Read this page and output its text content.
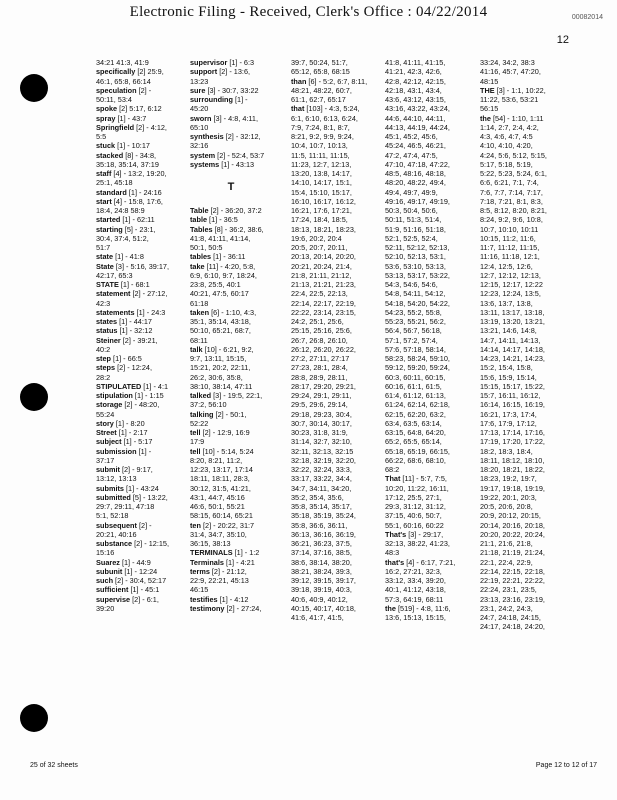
Electronic Filing - Received, Clerk's Office : 04/22/2014	00082014
12
34:21 41:3, 41:9
specifically [2] 25:9,
46:1, 65:8, 66:14
speculation [2] -
50:11, 53:4
spoke [2] 5:17, 6:12
spray [1] - 43:7
Springfield [2] - 4:12,
5:5
stuck [1] - 10:17
stacked [8] - 34:8,
35:18, 35:14, 37:19
staff [4] - 13:2, 19:20,
25:1, 45:18
standard [1] - 24:16
start [4] - 15:8, 17:6,
18:4, 24:8 58:9
started [1] - 62:11
starting [5] - 23:1,
30:4, 37:4, 51:2,
51:7
state [1] - 41:8
State [3] - 5:16, 39:17,
42:17, 65:3
STATE [1] - 68:1
statement [2] - 27:12,
42:3
statements [1] - 24:3
states [1] - 44:17
status [1] - 32:12
Steiner [2] - 39:21,
40:2
step [1] - 66:5
steps [2] - 12:24,
28:2
STIPULATED [1] - 4:1
stipulation [1] - 1:15
storage [2] - 48:20,
55:24
story [1] - 8:20
Street [1] - 2:17
subject [1] - 5:17
submission [1] -
37:17
submit [2] - 9:17,
13:12, 13:13
submits [1] - 43:24
submitted [5] - 13:22,
29:7, 29:11, 47:18
5:1, 52:18
subsequent [2] -
20:21, 40:16
substance [2] - 12:15,
15:16
Suarez [1] - 44:9
subunit [1] - 12:24
such [2] - 30:4, 52:17
sufficient [1] - 45:1
supervise [2] - 6:1,
39:20
supervisor [1] - 6:3
support [2] - 13:6,
13:23
sure [3] - 30:7, 33:22
surrounding [1] -
45:20
sworn [3] - 4:8, 4:11,
65:10
synthesis [2] - 32:12,
32:16
system [2] - 52:4, 53:7
systems [1] - 43:13
T
Table [2] - 36:20, 37:2
table [1] - 36:5
Tables [8] - 36:2, 38:6,
41:8, 41:11, 41:14,
50:1, 50:5
tables [1] - 36:11
take [11] - 4:20, 5:8,
6:9, 6:10, 9:7, 18:24,
23:8, 25:5, 40:1
40:21, 47:5, 60:17
61:18
taken [6] - 1:10, 4:3,
35:1, 35:14, 43:18,
50:10, 65:21, 68:7,
68:11
talk [10] - 6:21, 9:2,
9:7, 13:11, 15:15,
15:21, 20:2, 22:11,
26:2, 30:6, 35:8,
38:10, 38:14, 47:11
talked [3] - 19:5, 22:1,
37:2, 56:10
talking [2] - 50:1,
52:22
tell [2] - 12:9, 16:9
17:9
tell [10] - 5:14, 5:24
8:20, 8:21, 11:2,
12:23, 13:17, 17:14
18:11, 18:11, 28:3,
30:12, 31:5, 41:21,
43:1, 44:7, 45:16
46:6, 50:1, 55:21
58:15, 60:14, 65:21
ten [2] - 20:22, 31:7
31:4, 34:7, 35:10,
36:15, 38:13
TERMINALS [1] - 1:2
Terminals [1] - 4:21
terms [2] - 21:12,
22:9, 22:21, 45:13
46:15
testifies [1] - 4:12
testimony [2] - 27:24,
39:7, 50:24, 51:7,
65:12, 65:8, 68:15
than [6] - 5:2, 6:7, 8:11,
48:21, 48:22, 60:7,
61:1, 62:7, 65:17
that [103] - 4:3, 5:24,
6:1, 6:10, 6:13, 6:24,
7:9, 7:24, 8:1, 8:7,
8:21, 9:2, 9:9, 9:24,
10:4, 10:7, 10:13,
11:5, 11:11, 11:15,
11:23, 12:7, 12:13,
13:20, 13:8, 14:17,
14:10, 14:17, 15:1,
15:4, 15:10, 15:17,
16:10, 16:17, 16:12,
16:21, 17:6, 17:21,
17:24, 18:4, 18:5,
18:13, 18:21, 18:23,
19:6, 20:2, 20:4
20:5, 20:7, 20:11,
20:13, 20:14, 20:20,
20:21, 20:24, 21:4,
21:8, 21:11, 21:12,
21:13, 21:21, 21:23,
22:4, 22:5, 22:13,
22:14, 22:17, 22:19,
22:22, 23:14, 23:15,
24:2, 25:1, 25:6,
25:15, 25:16, 25:6,
26:7, 26:8, 26:10,
26:12, 26:20, 26:22,
27:2, 27:11, 27:17
27:23, 28:1, 28:4,
28:8, 28:9, 28:11,
28:17, 29:20, 29:21,
29:24, 29:1, 29:11,
29:5, 29:6, 29:14,
29:18, 29:23, 30:4,
30:7, 30:14, 30:17,
30:23, 31:8, 31:9,
31:14, 32:7, 32:10,
32:11, 32:13, 32:15
32:18, 32:19, 32:20,
32:22, 32:24, 33:3,
33:17, 33:22, 34:4,
34:7, 34:11, 34:20,
35:2, 35:4, 35:6,
35:8, 35:14, 35:17,
35:18, 35:19, 35:24,
35:8, 36:6, 36:11,
36:13, 36:16, 36:19,
36:21, 36:23, 37:5,
37:14, 37:16, 38:5,
38:6, 38:14, 38:20,
38:21, 38:24, 39:3,
39:12, 39:15, 39:17,
39:18, 39:19, 40:3,
40:6, 40:9, 40:12,
40:15, 40:17, 40:18,
41:6, 41:7, 41:5,
41:8, 41:11, 41:15,
41:21, 42:3, 42:6,
42:8, 42:12, 42:15,
42:18, 43:1, 43:4,
43:6, 43:12, 43:15,
43:16, 43:22, 43:24,
44:6, 44:10, 44:11,
44:13, 44:19, 44:24,
45:1, 45:2, 45:6,
45:24, 46:5, 46:21,
47:2, 47:4, 47:5,
47:10, 47:18, 47:22,
48:5, 48:16, 48:18,
48:20, 48:22, 49:4,
49:4, 49:7, 49:9,
49:16, 49:17, 49:19,
50:3, 50:4, 50:6,
50:11, 51:3, 51:4,
51:9, 51:16, 51:18,
52:1, 52:5, 52:4,
52:11, 52:12, 52:13,
52:10, 52:13, 53:1,
53:6, 53:10, 53:13,
53:13, 53:17, 53:22,
54:3, 54:6, 54:6,
54:8, 54:11, 54:12,
54:18, 54:20, 54:22,
54:23, 55:2, 55:8,
55:23, 55:21, 56:2,
56:4, 56:7, 56:18,
57:1, 57:2, 57:4,
57:6, 57:18, 58:14,
58:23, 58:24, 59:10,
59:12, 59:20, 59:24,
60:3, 60:11, 60:15,
60:16, 61:1, 61:5,
61:4, 61:12, 61:13,
61:24, 62:14, 62:18,
62:15, 62:20, 63:2,
63:4, 63:5, 63:14,
63:15, 64:8, 64:20,
65:2, 65:5, 65:14,
65:18, 65:19, 66:15,
66:22, 68:6, 68:10,
68:2
That [11] - 5:7, 7:5,
10:20, 11:22, 16:11,
17:12, 25:5, 27:1,
29:3, 31:12, 31:12,
37:15, 40:6, 50:7,
55:1, 60:16, 60:22
That's [3] - 29:17,
32:13, 38:22, 41:23,
48:3
that's [4] - 6:17, 7:21,
16:2, 27:21, 32:3,
33:12, 33:4, 39:20,
40:1, 41:12, 43:18,
57:3, 64:19, 68:11
the [519] - 4:8, 11:6,
13:6, 15:13, 15:15,
33:24, 34:2, 38:3
41:16, 45:7, 47:20,
48:15
THE [3] - 1:1, 10:22,
11:22, 53:6, 53:21
56:15
the [54] - 1:10, 1:11
1:14, 2:7, 2:4, 4:2,
4:3, 4:6, 4:7, 4:5
4:10, 4:10, 4:20,
4:24, 5:6, 5:12, 5:15,
5:17, 5:18, 5:19,
5:22, 5:23, 5:24, 6:1,
6:6, 6:21, 7:1, 7:4,
7:6, 7:7, 7:14, 7:17,
7:18, 7:21, 8:1, 8:3,
8:5, 8:12, 8:20, 8:21,
8:24, 9:2, 9:6, 10:8,
10:7, 10:10, 10:11
10:15, 11:2, 11:6,
11:7, 11:12, 11:15,
11:16, 11:18, 12:1,
12:4, 12:5, 12:6,
12:7, 12:12, 12:13,
12:15, 12:17, 12:22
12:23, 12:24, 13:5,
13:6, 13:7, 13:8,
13:11, 13:17, 13:18,
13:19, 13:20, 13:21,
13:21, 14:6, 14:8,
14:7, 14:11, 14:13,
14:14, 14:17, 14:18,
14:23, 14:21, 14:23,
15:2, 15:4, 15:8,
15:6, 15:9, 15:14,
15:15, 15:17, 15:22,
15:7, 16:11, 16:12,
16:14, 16:15, 16:19,
16:21, 17:3, 17:4,
17:6, 17:9, 17:12,
17:13, 17:14, 17:16,
17:19, 17:20, 17:22,
18:2, 18:3, 18:4,
18:11, 18:12, 18:10,
18:20, 18:21, 18:22,
18:23, 19:2, 19:7,
19:17, 19:18, 19:19,
19:22, 20:1, 20:3,
20:5, 20:6, 20:8,
20:9, 20:12, 20:15,
20:14, 20:16, 20:18,
20:20, 20:22, 20:24,
21:1, 21:6, 21:8,
21:18, 21:19, 21:24,
22:1, 22:4, 22:9,
22:14, 22:15, 22:18,
22:19, 22:21, 22:22,
22:24, 23:1, 23:5,
23:13, 23:16, 23:19,
23:1, 24:2, 24:3,
24:7, 24:18, 24:15,
24:17, 24:18, 24:20,
25 of 32 sheets	Page 12 to 12 of 17
